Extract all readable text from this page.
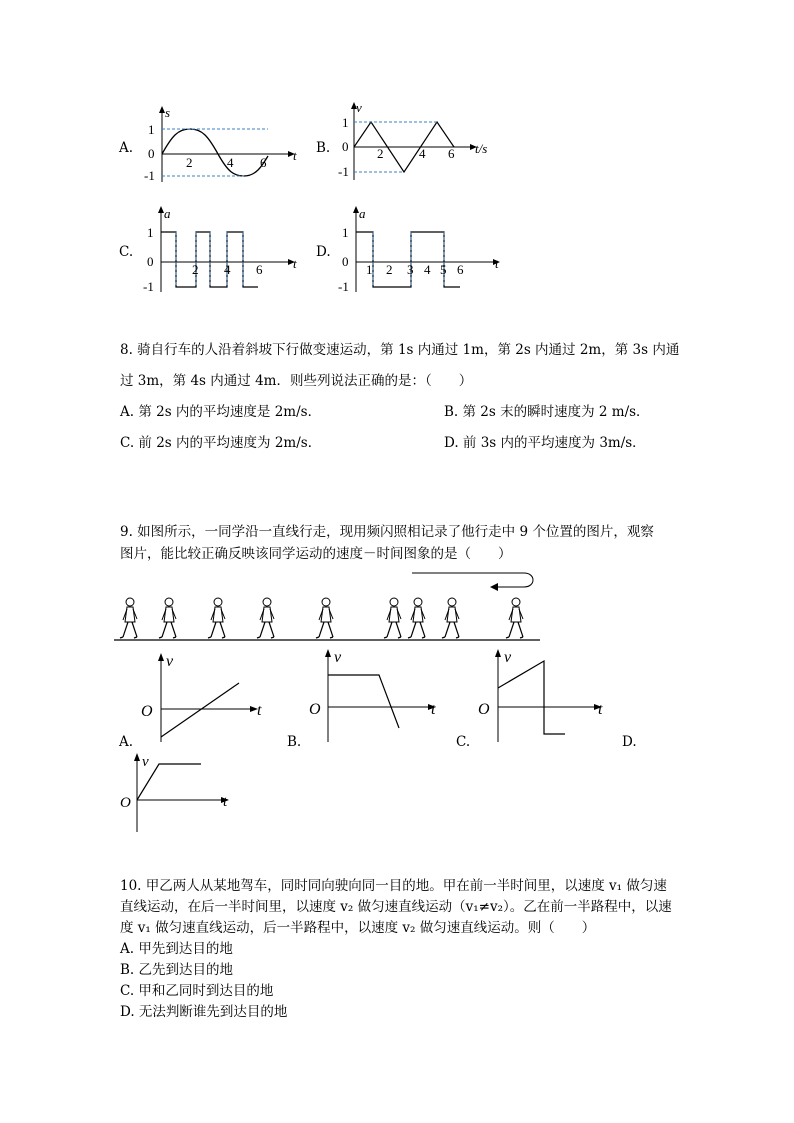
A.
s
t
1
0
-1
2	4 6
B.
v
t/s
1
0
-1
2	4 6
C.
a
t
1
0
-1
2 4 6
D.
a
t
1
0
-1
1 2 3 4 5 6
8. 骑自行车的人沿着斜坡下行做变速运动，第 1s 内通过 1m，第 2s 内通过 2m，第 3s 内通
过 3m，第 4s 内通过 4m．则些列说法正确的是：（　　）
A. 第 2s 内的平均速度是 2m/s．	B. 第 2s 末的瞬时速度为 2 m/s．
C. 前 2s 内的平均速度为 2m/s．	D. 前 3s 内的平均速度为 3m/s．
9. 如图所示，一同学沿一直线行走，现用频闪照相记录了他行走中 9 个位置的图片，观察
图片，能比较正确反映该同学运动的速度－时间图象的是（　　）
v
t
O
A.
v
t
O
B.
v
t
O
C.	D.
v
t
O
10. 甲乙两人从某地驾车，同时同向驶向同一目的地。甲在前一半时间里，以速度 v₁ 做匀速
直线运动，在后一半时间里，以速度 v₂ 做匀速直线运动（v₁≠v₂）。乙在前一半路程中，以速
度 v₁ 做匀速直线运动，后一半路程中，以速度 v₂ 做匀速直线运动。则（　　）
A. 甲先到达目的地
B. 乙先到达目的地
C. 甲和乙同时到达目的地
D. 无法判断谁先到达目的地
